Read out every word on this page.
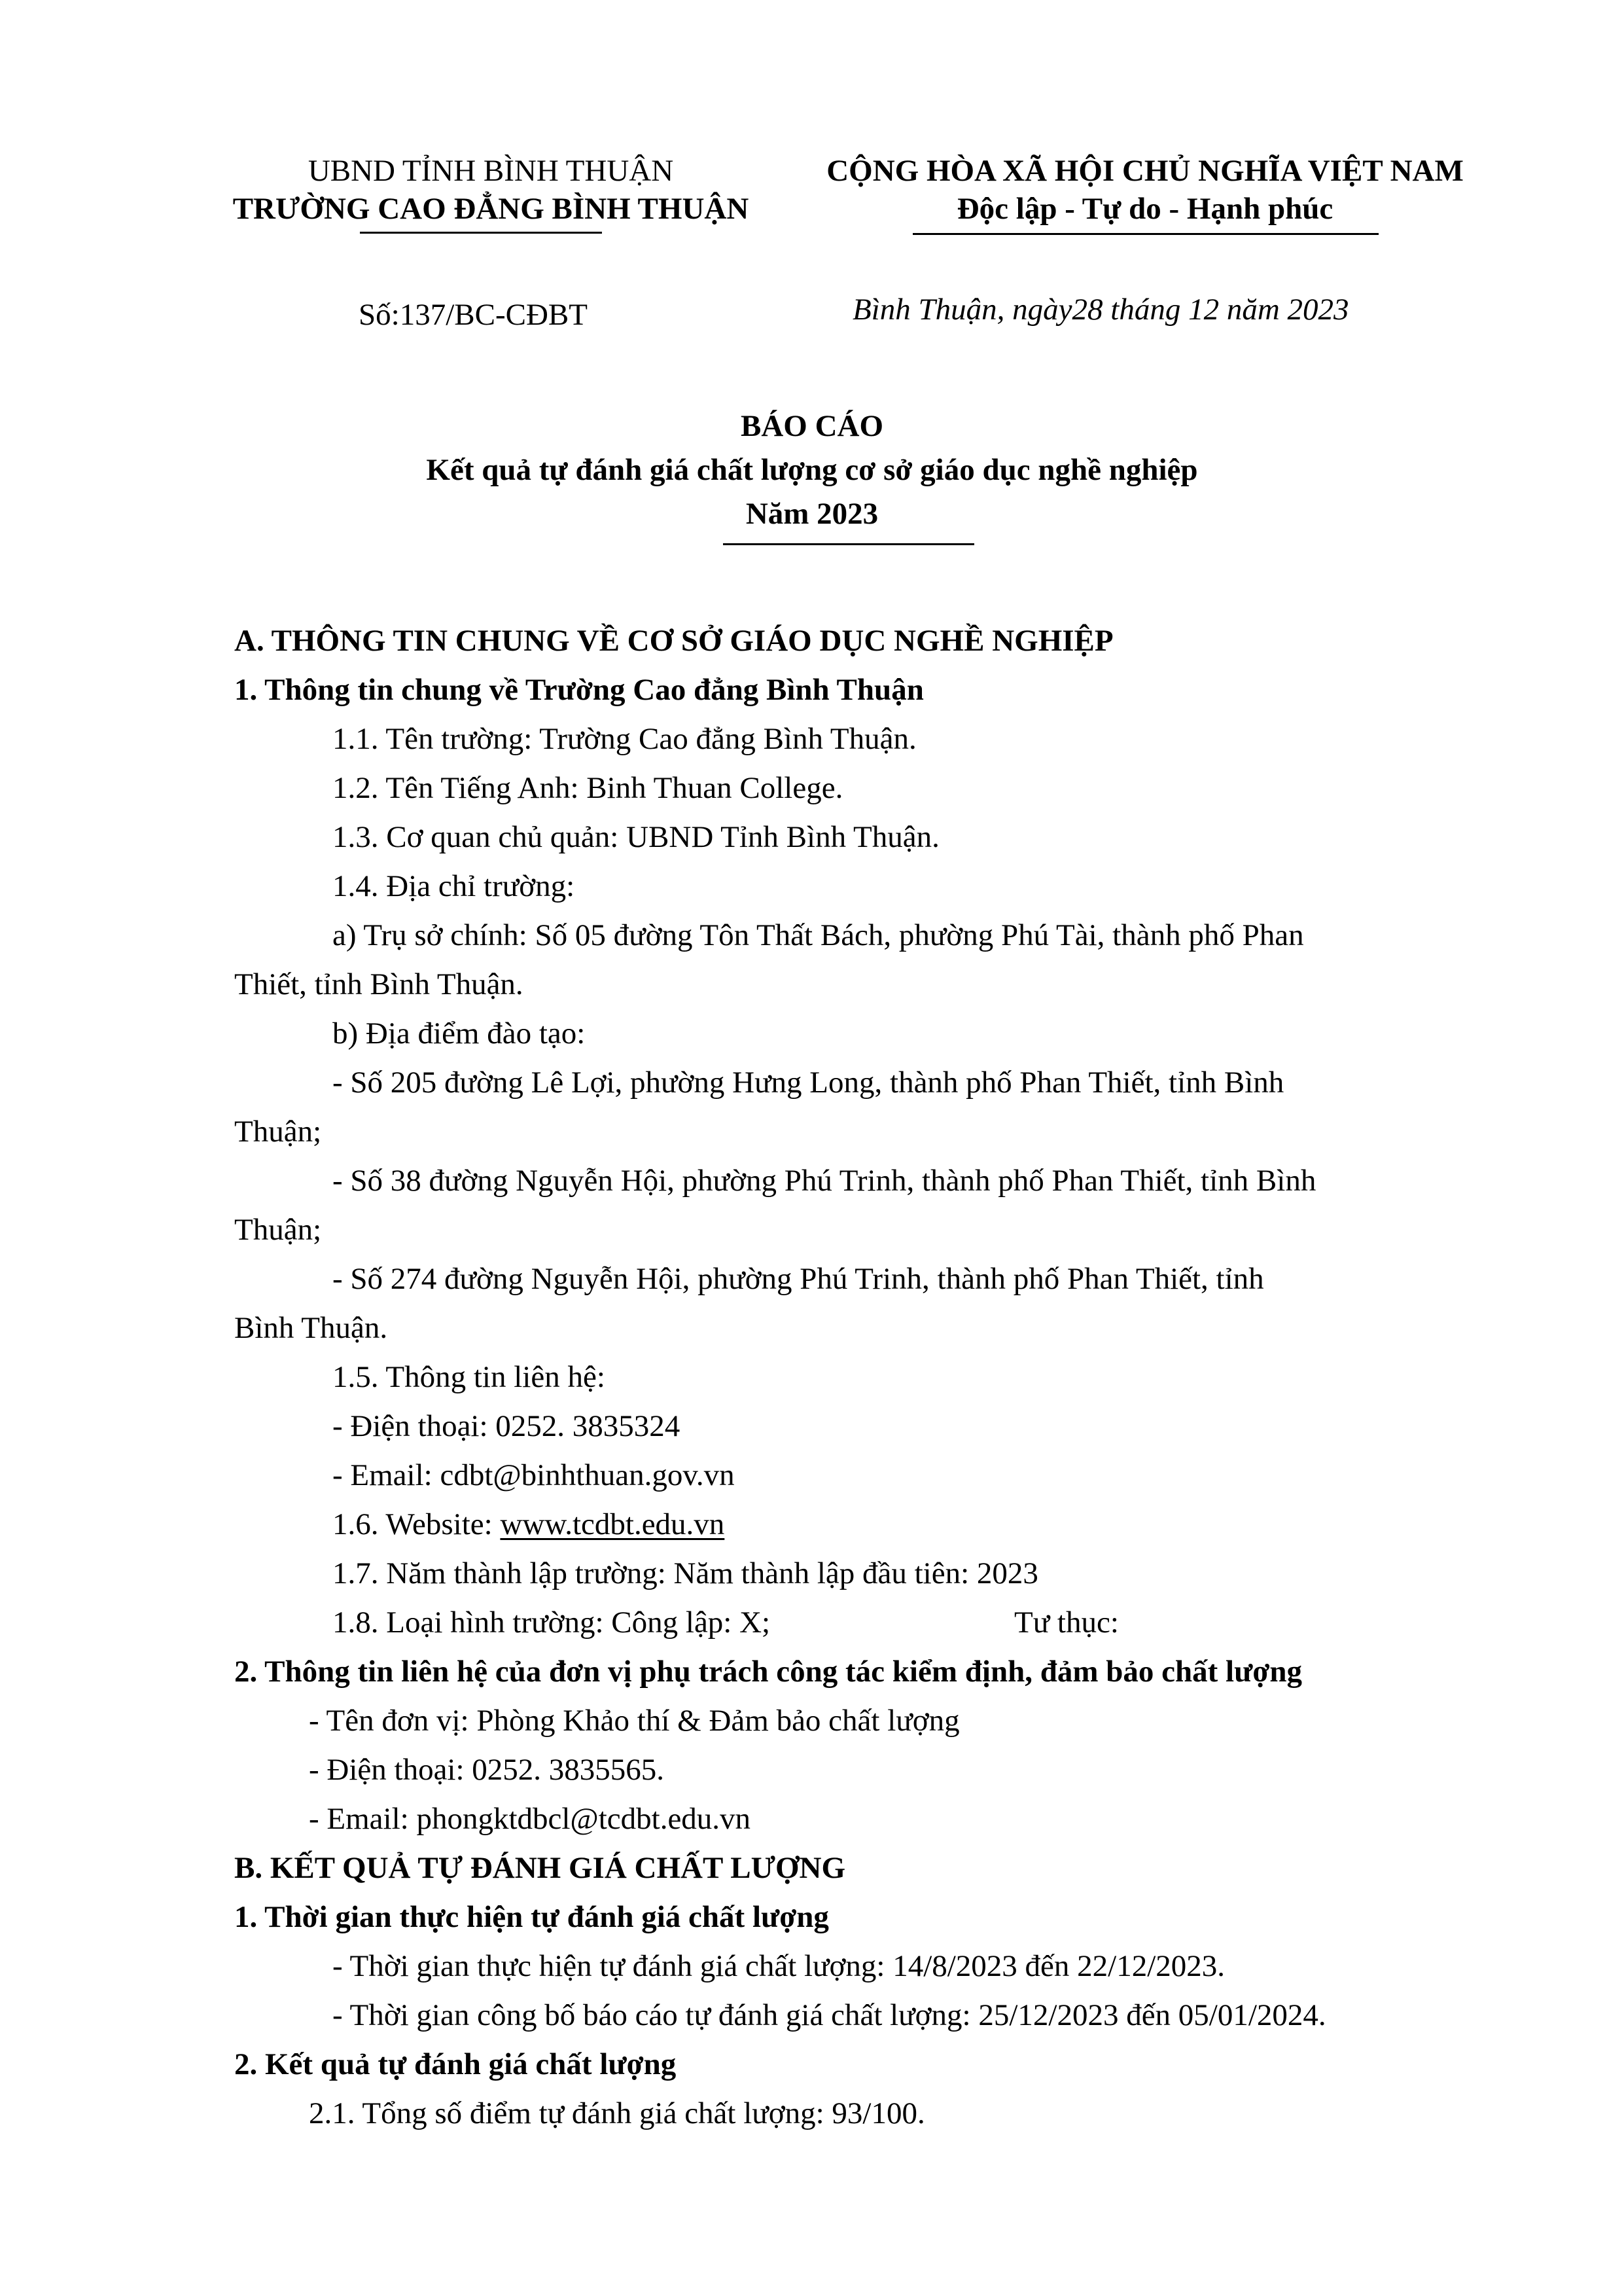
UBND TỈNH BÌNH THUẬN
TRƯỜNG CAO ĐẲNG BÌNH THUẬN
CỘNG HÒA XÃ HỘI CHỦ NGHĨA VIỆT NAM
Độc lập - Tự do - Hạnh phúc
Số:137/BC-CĐBT	Bình Thuận, ngày28 tháng 12 năm 2023
BÁO CÁO
Kết quả tự đánh giá chất lượng cơ sở giáo dục nghề nghiệp
Năm 2023
A. THÔNG TIN CHUNG VỀ CƠ SỞ GIÁO DỤC NGHỀ NGHIỆP
1. Thông tin chung về Trường Cao đẳng Bình Thuận
1.1. Tên trường: Trường Cao đẳng Bình Thuận.
1.2. Tên Tiếng Anh: Binh Thuan College.
1.3. Cơ quan chủ quản: UBND Tỉnh Bình Thuận.
1.4. Địa chỉ trường:
a) Trụ sở chính: Số 05 đường Tôn Thất Bách, phường Phú Tài, thành phố Phan
Thiết, tỉnh Bình Thuận.
b) Địa điểm đào tạo:
- Số 205 đường Lê Lợi, phường Hưng Long, thành phố Phan Thiết, tỉnh Bình
Thuận;
- Số 38 đường Nguyễn Hội, phường Phú Trinh, thành phố Phan Thiết, tỉnh Bình
Thuận;
- Số 274 đường Nguyễn Hội, phường Phú Trinh, thành phố Phan Thiết, tỉnh
Bình Thuận.
1.5. Thông tin liên hệ:
- Điện thoại: 0252. 3835324
- Email: cdbt@binhthuan.gov.vn
1.6. Website: www.tcdbt.edu.vn
1.7. Năm thành lập trường: Năm thành lập đầu tiên: 2023
1.8. Loại hình trường: Công lập: X;	Tư thục:
2. Thông tin liên hệ của đơn vị phụ trách công tác kiểm định, đảm bảo chất lượng
- Tên đơn vị: Phòng Khảo thí & Đảm bảo chất lượng
- Điện thoại: 0252. 3835565.
- Email: phongktdbcl@tcdbt.edu.vn
B. KẾT QUẢ TỰ ĐÁNH GIÁ CHẤT LƯỢNG
1. Thời gian thực hiện tự đánh giá chất lượng
- Thời gian thực hiện tự đánh giá chất lượng: 14/8/2023 đến 22/12/2023.
- Thời gian công bố báo cáo tự đánh giá chất lượng: 25/12/2023 đến 05/01/2024.
2. Kết quả tự đánh giá chất lượng
2.1. Tổng số điểm tự đánh giá chất lượng: 93/100.
